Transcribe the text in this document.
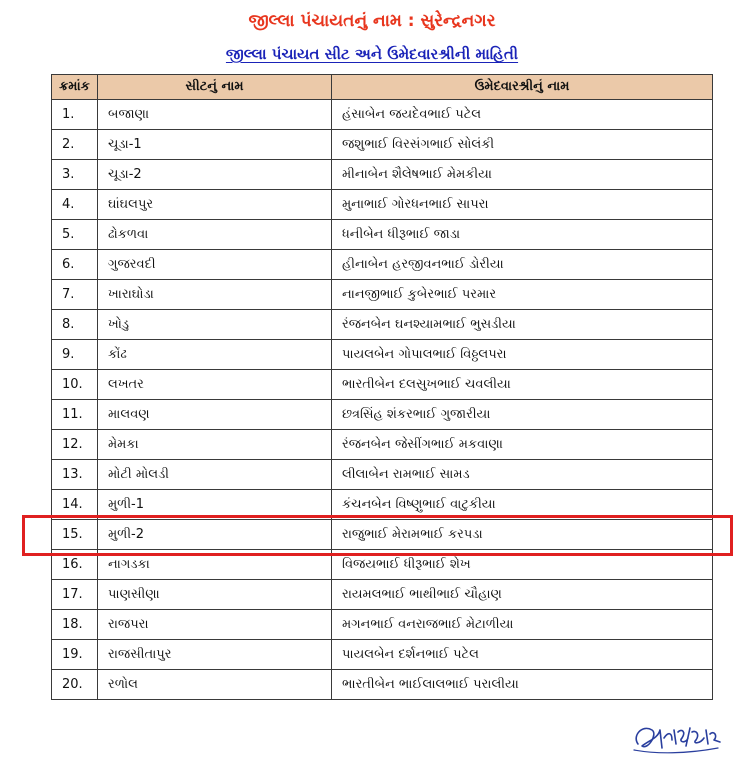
જીલ્લા પંચાયતનું નામ : સુરેન્દ્રનગર
જીલ્લા પંચાયત સીટ અને ઉમેદવારશ્રીની માહિતી
ક્રમાંક	સીટનું નામ	ઉમેદવારશ્રીનું નામ
1.	બજાણા	હંસાબેન જયદેવભાઈ પટેલ
2.	ચૂડા-1	જશુભાઈ વિરસંગભાઈ સોલંકી
3.	ચૂડા-2	મીનાબેન શૈલેષભાઈ મેમકીયા
4.	ઘાંઘલપુર	મુનાભાઈ ગોરધનભાઈ સાપરા
5.	ઢોકળવા	ધનીબેન ધીરૂભાઈ જાડા
6.	ગુજરવદી	હીનાબેન હરજીવનભાઈ ડોરીયા
7.	ખારાઘોડા	નાનજીભાઈ કુબેરભાઈ પરમાર
8.	ખોડુ	રંજનબેન ઘનશ્યામભાઈ ભુસડીયા
9.	કોંઢ	પાયલબેન ગોપાલભાઈ વિઠ્ઠલપરા
10.	લખતર	ભારતીબેન દલસુખભાઈ ચવલીયા
11.	માલવણ	છત્રસિંહ શંકરભાઈ ગુજારીયા
12.	મેમકા	રંજનબેન જેસીંગભાઈ મકવાણા
13.	મોટી મોલડી	લીલાબેન રામભાઈ સામડ
14.	મુળી-1	કંચનબેન વિષ્ણુભાઈ વાટુકીયા
15.	મુળી-2	રાજુભાઈ મેરામભાઈ કરપડા
16.	નાગડકા	વિજયભાઈ ધીરૂભાઈ શેખ
17.	પાણસીણા	રાયમલભાઈ ભાથીભાઈ ચૌહાણ
18.	રાજપરા	મગનભાઈ વનરાજભાઈ મેટાળીયા
19.	રાજસીતાપુર	પાયલબેન દર્શનભાઈ પટેલ
20.	રળોલ	ભારતીબેન ભાઈલાલભાઈ પરાલીયા
